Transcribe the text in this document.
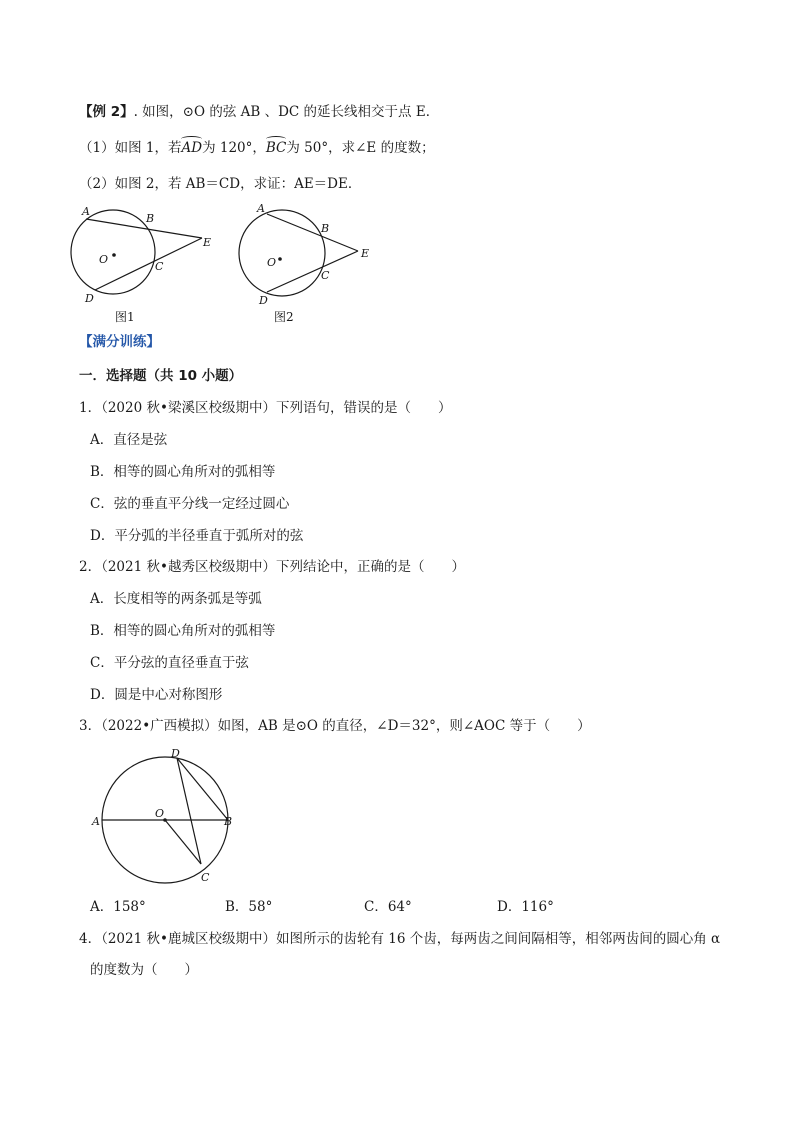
【例 2】. 如图，⊙O 的弦 AB 、DC 的延长线相交于点 E．
（1）如图 1，若AD为 120°，BC为 50°，求∠E 的度数；
（2）如图 2，若 AB＝CD，求证：AE＝DE．
A
B
E
O
C
D
图1
A
B
E
O
C
D
图2
【满分训练】
一．选择题（共 10 小题）
1．（2020 秋•梁溪区校级期中）下列语句，错误的是（　　）
A．直径是弦
B．相等的圆心角所对的弧相等
C．弦的垂直平分线一定经过圆心
D．平分弧的半径垂直于弧所对的弦
2．（2021 秋•越秀区校级期中）下列结论中，正确的是（　　）
A．长度相等的两条弧是等弧
B．相等的圆心角所对的弧相等
C．平分弦的直径垂直于弦
D．圆是中心对称图形
3．（2022•广西模拟）如图，AB 是⊙O 的直径，∠D＝32°，则∠AOC 等于（　　）
D
A
O
B
C
A．158°	B．58°	C．64°	D．116°
4．（2021 秋•鹿城区校级期中）如图所示的齿轮有 16 个齿，每两齿之间间隔相等，相邻两齿间的圆心角 α
的度数为（　　）
